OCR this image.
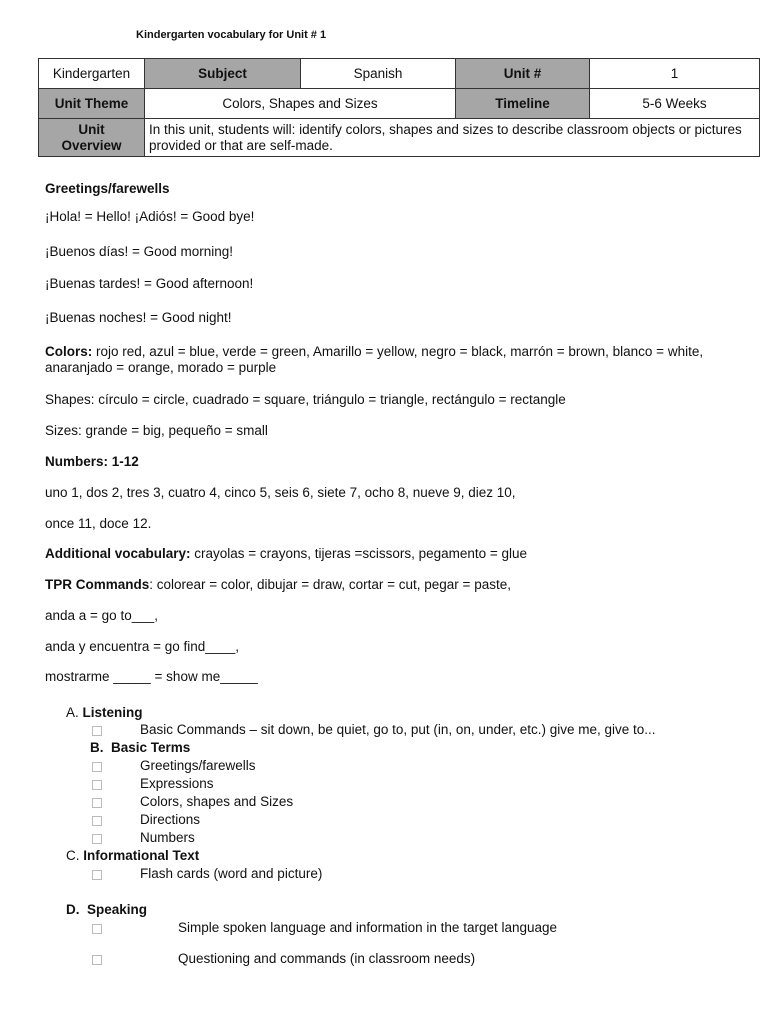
Kindergarten vocabulary for Unit # 1
Kindergarten	Subject	Spanish	Unit #	1
Unit Theme	Colors, Shapes and Sizes		Timeline	5-6 Weeks
Unit
Overview	In this unit, students will: identify colors, shapes and sizes to describe classroom objects or pictures provided or that are self-made.			
Greetings/farewells
¡Hola! = Hello! ¡Adiós! = Good bye!
¡Buenos días! = Good morning!
¡Buenas tardes! = Good afternoon!
¡Buenas noches! = Good night!
Colors: rojo red, azul = blue, verde = green, Amarillo = yellow, negro = black, marrón = brown, blanco = white, anaranjado = orange, morado = purple
Shapes: círculo = circle, cuadrado = square, triángulo = triangle, rectángulo = rectangle
Sizes: grande = big, pequeño = small
Numbers: 1-12
uno 1, dos 2, tres 3, cuatro 4, cinco 5, seis 6, siete 7, ocho 8, nueve 9, diez 10,
once 11, doce 12.
Additional vocabulary: crayolas = crayons, tijeras =scissors, pegamento = glue
TPR Commands: colorear = color, dibujar = draw, cortar = cut, pegar = paste,
anda a = go to___,
anda y encuentra = go find____,
mostrarme _____ = show me_____
A. Listening
Basic Commands – sit down, be quiet, go to, put (in, on, under, etc.) give me, give to...
B. Basic Terms
Greetings/farewells
Expressions
Colors, shapes and Sizes
Directions
Numbers
C. Informational Text
Flash cards (word and picture)
D. Speaking
Simple spoken language and information in the target language
Questioning and commands (in classroom needs)
